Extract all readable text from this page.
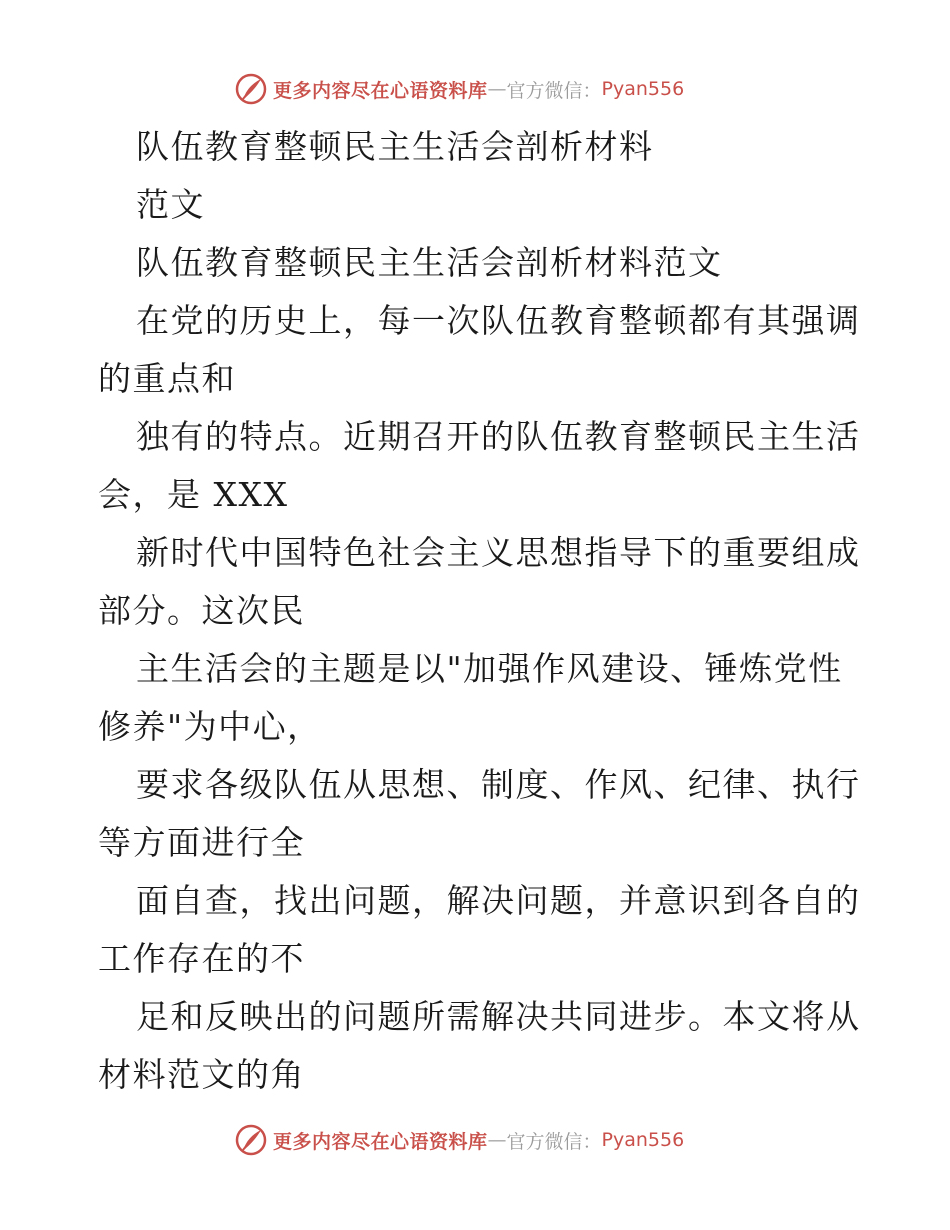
更多内容尽在心语资料库 — 官方微信： Pyan556
队伍教育整顿民主生活会剖析材料
范文
队伍教育整顿民主生活会剖析材料范文
在党的历史上，每一次队伍教育整顿都有其强调
的重点和
独有的特点。近期召开的队伍教育整顿民主生活
会，是 XXX
新时代中国特色社会主义思想指导下的重要组成
部分。这次民
主生活会的主题是以"加强作风建设、锤炼党性
修养"为中心，
要求各级队伍从思想、制度、作风、纪律、执行
等方面进行全
面自查，找出问题，解决问题，并意识到各自的
工作存在的不
足和反映出的问题所需解决共同进步。本文将从
材料范文的角
更多内容尽在心语资料库 — 官方微信： Pyan556
